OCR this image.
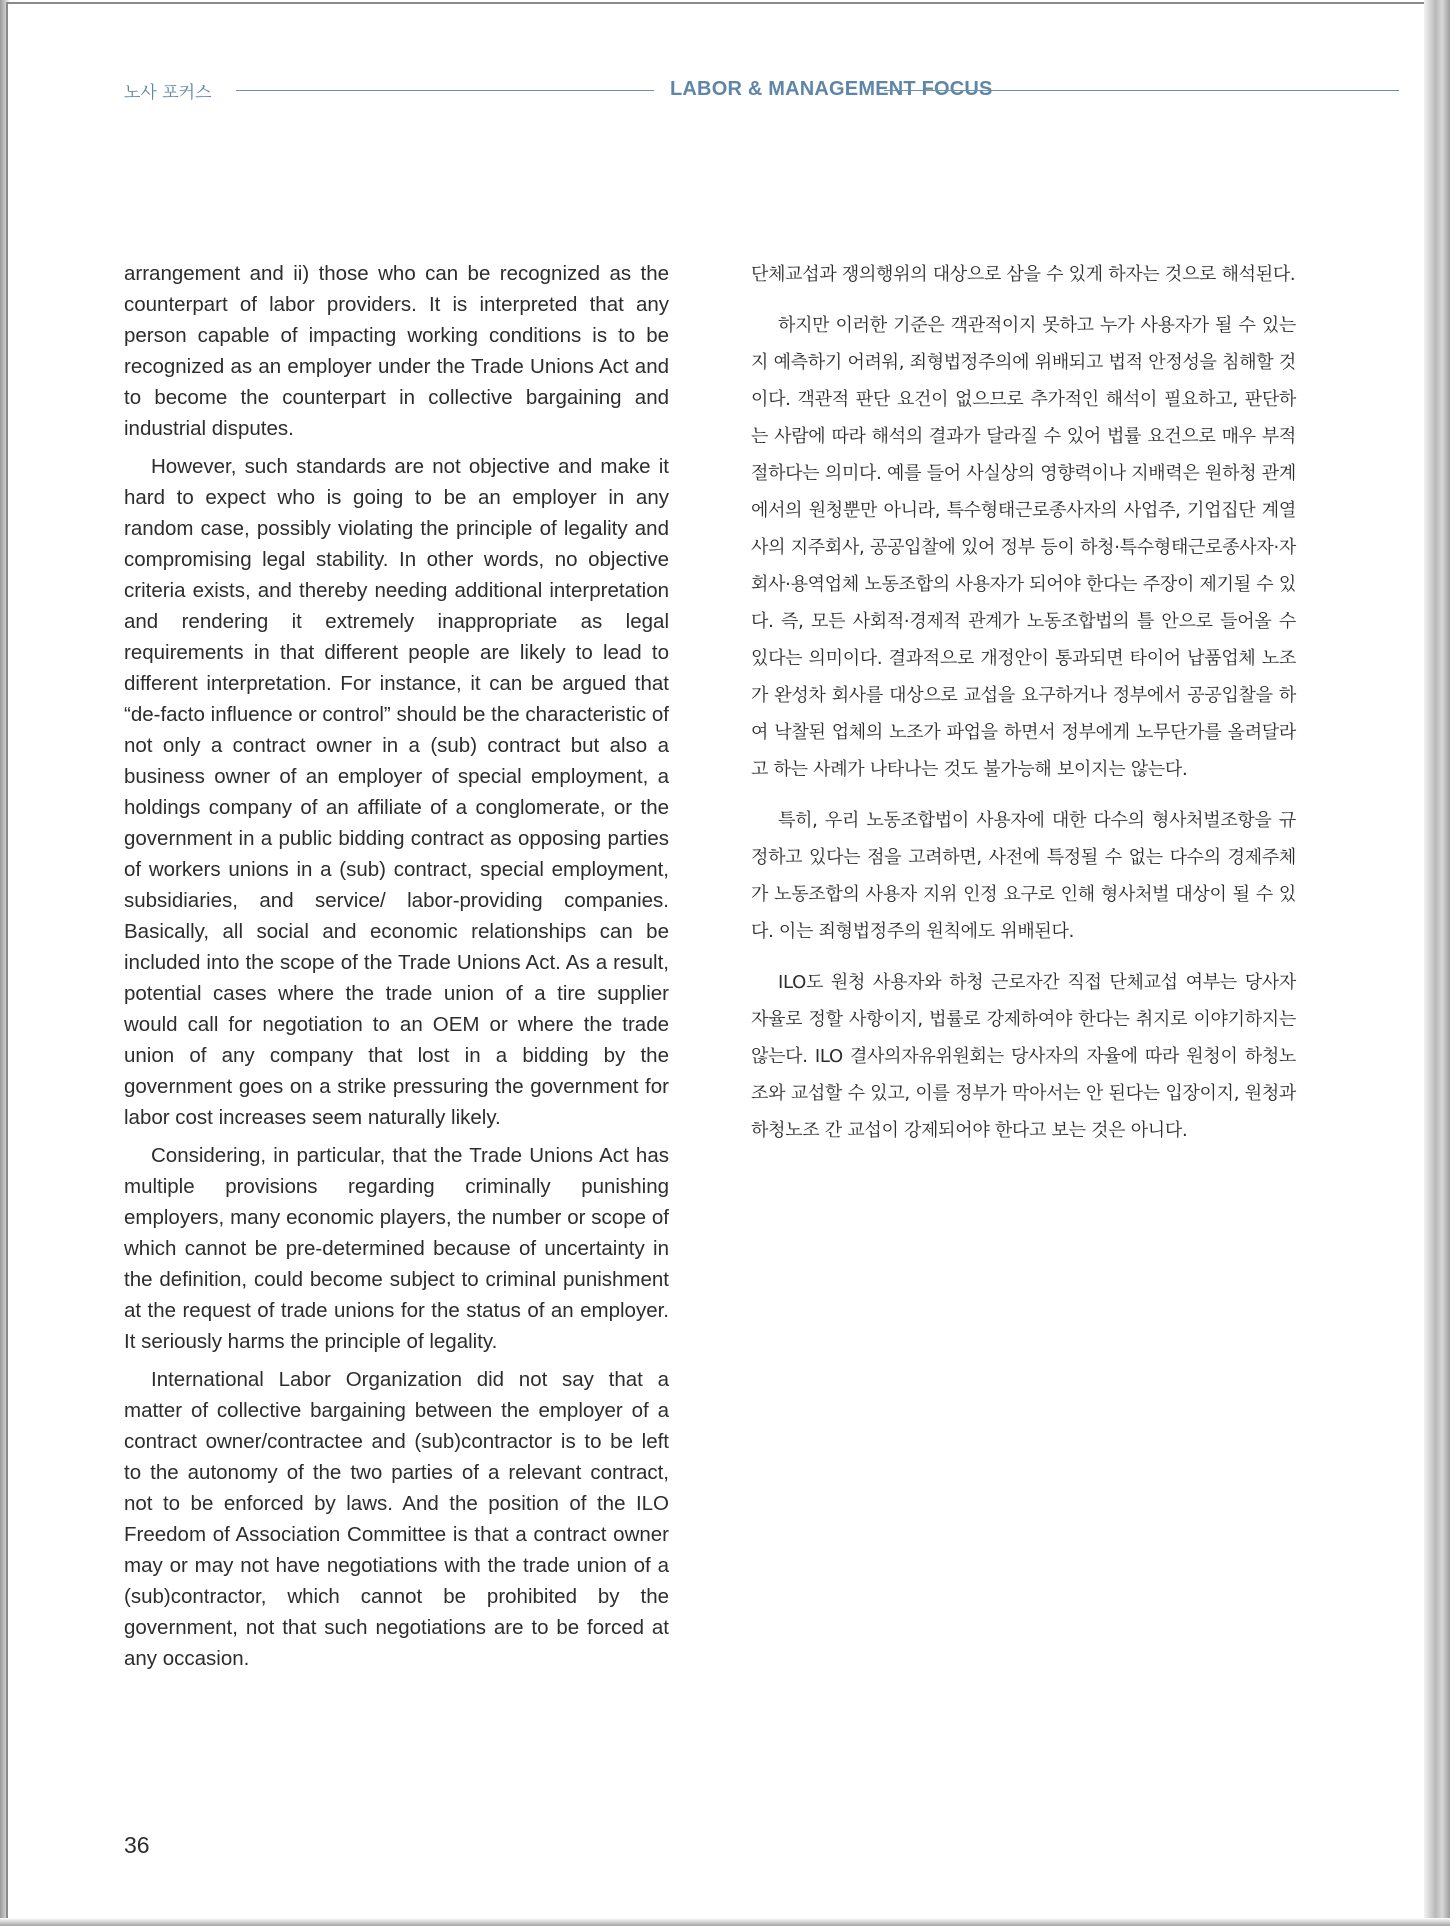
노사 포커스	LABOR & MANAGEMENT FOCUS

arrangement and ii) those who can be recognized as the counterpart of labor providers. It is interpreted that any person capable of impacting working conditions is to be recognized as an employer under the Trade Unions Act and to become the counterpart in collective bargaining and industrial disputes.

However, such standards are not objective and make it hard to expect who is going to be an employer in any random case, possibly violating the principle of legality and compromising legal stability. In other words, no objective criteria exists, and thereby needing additional interpretation and rendering it extremely inappropriate as legal requirements in that different people are likely to lead to different interpretation. For instance, it can be argued that “de-facto influence or control” should be the characteristic of not only a contract owner in a (sub) contract but also a business owner of an employer of special employment, a holdings company of an affiliate of a conglomerate, or the government in a public bidding contract as opposing parties of workers unions in a (sub) contract, special employment, subsidiaries, and service/ labor-providing companies. Basically, all social and economic relationships can be included into the scope of the Trade Unions Act. As a result, potential cases where the trade union of a tire supplier would call for negotiation to an OEM or where the trade union of any company that lost in a bidding by the government goes on a strike pressuring the government for labor cost increases seem naturally likely.

Considering, in particular, that the Trade Unions Act has multiple provisions regarding criminally punishing employers, many economic players, the number or scope of which cannot be pre-determined because of uncertainty in the definition, could become subject to criminal punishment at the request of trade unions for the status of an employer. It seriously harms the principle of legality.

International Labor Organization did not say that a matter of collective bargaining between the employer of a contract owner/contractee and (sub)contractor is to be left to the autonomy of the two parties of a relevant contract, not to be enforced by laws. And the position of the ILO Freedom of Association Committee is that a contract owner may or may not have negotiations with the trade union of a (sub)contractor, which cannot be prohibited by the government, not that such negotiations are to be forced at any occasion.

단체교섭과 쟁의행위의 대상으로 삼을 수 있게 하자는 것으로 해석된다.

하지만 이러한 기준은 객관적이지 못하고 누가 사용자가 될 수 있는지 예측하기 어려워, 죄형법정주의에 위배되고 법적 안정성을 침해할 것이다. 객관적 판단 요건이 없으므로 추가적인 해석이 필요하고, 판단하는 사람에 따라 해석의 결과가 달라질 수 있어 법률 요건으로 매우 부적절하다는 의미다. 예를 들어 사실상의 영향력이나 지배력은 원하청 관계에서의 원청뿐만 아니라, 특수형태근로종사자의 사업주, 기업집단 계열사의 지주회사, 공공입찰에 있어 정부 등이 하청·특수형태근로종사자·자회사·용역업체 노동조합의 사용자가 되어야 한다는 주장이 제기될 수 있다. 즉, 모든 사회적·경제적 관계가 노동조합법의 틀 안으로 들어올 수 있다는 의미이다. 결과적으로 개정안이 통과되면 타이어 납품업체 노조가 완성차 회사를 대상으로 교섭을 요구하거나 정부에서 공공입찰을 하여 낙찰된 업체의 노조가 파업을 하면서 정부에게 노무단가를 올려달라고 하는 사례가 나타나는 것도 불가능해 보이지는 않는다.

특히, 우리 노동조합법이 사용자에 대한 다수의 형사처벌조항을 규정하고 있다는 점을 고려하면, 사전에 특정될 수 없는 다수의 경제주체가 노동조합의 사용자 지위 인정 요구로 인해 형사처벌 대상이 될 수 있다. 이는 죄형법정주의 원칙에도 위배된다.

ILO도 원청 사용자와 하청 근로자간 직접 단체교섭 여부는 당사자 자율로 정할 사항이지, 법률로 강제하여야 한다는 취지로 이야기하지는 않는다. ILO 결사의자유위원회는 당사자의 자율에 따라 원청이 하청노조와 교섭할 수 있고, 이를 정부가 막아서는 안 된다는 입장이지, 원청과 하청노조 간 교섭이 강제되어야 한다고 보는 것은 아니다.

36
